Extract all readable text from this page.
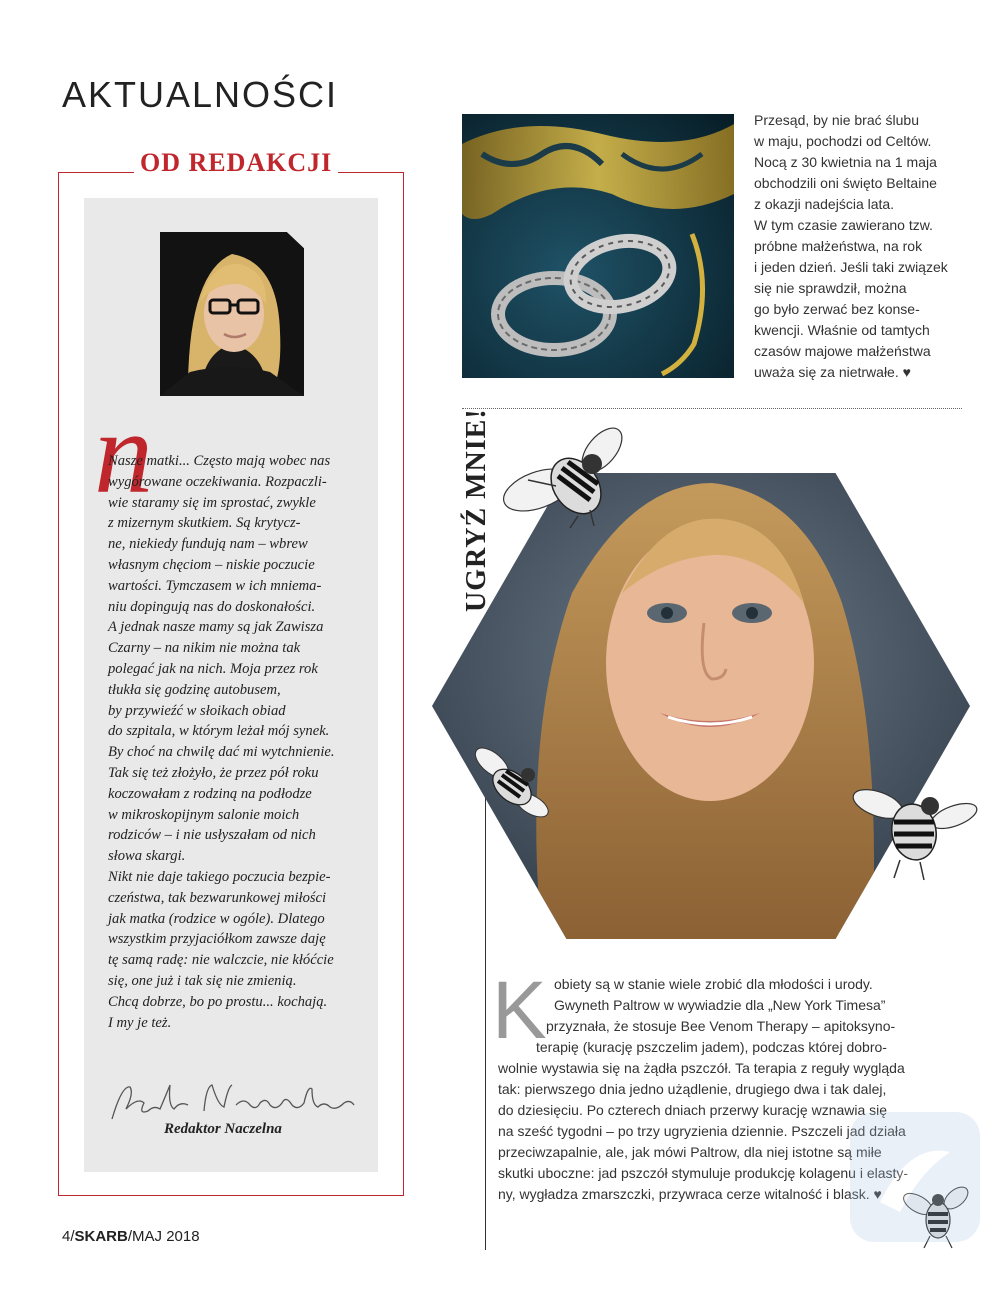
AKTUALNOŚCI
OD REDAKCJI
n
Nasze matki... Często mają wobec nas
wygórowane oczekiwania. Rozpaczli-
wie staramy się im sprostać, zwykle
z mizernym skutkiem. Są krytycz-
ne, niekiedy fundują nam – wbrew
własnym chęciom – niskie poczucie
wartości. Tymczasem w ich mniema-
niu dopingują nas do doskonałości.
A jednak nasze mamy są jak Zawisza
Czarny – na nikim nie można tak
polegać jak na nich. Moja przez rok
tłukła się godzinę autobusem,
by przywieźć w słoikach obiad
do szpitala, w którym leżał mój synek.
By choć na chwilę dać mi wytchnienie.
Tak się też złożyło, że przez pół roku
koczowałam z rodziną na podłodze
w mikroskopijnym salonie moich
rodziców – i nie usłyszałam od nich
słowa skargi.
Nikt nie daje takiego poczucia bezpie-
czeństwa, tak bezwarunkowej miłości
jak matka (rodzice w ogóle). Dlatego
wszystkim przyjaciółkom zawsze daję
tę samą radę: nie walczcie, nie kłóćcie
się, one już i tak się nie zmienią.
Chcą dobrze, bo po prostu... kochają.
I my je też.
Redaktor Naczelna
Przesąd, by nie brać ślubu
w maju, pochodzi od Celtów.
Nocą z 30 kwietnia na 1 maja
obchodzili oni święto Beltaine
z okazji nadejścia lata.
W tym czasie zawierano tzw.
próbne małżeństwa, na rok
i jeden dzień. Jeśli taki związek
się nie sprawdził, można
go było zerwać bez konse-
kwencji. Właśnie od tamtych
czasów majowe małżeństwa
uważa się za nietrwałe. ♥
UGRYŹ MNIE!
K obiety są w stanie wiele zrobić dla młodości i urody.
Gwyneth Paltrow w wywiadzie dla „New York Timesa”
przyznała, że stosuje Bee Venom Therapy – apitoksyno-
terapię (kurację pszczelim jadem), podczas której dobro-
wolnie wystawia się na żądła pszczół. Ta terapia z reguły wygląda
tak: pierwszego dnia jedno użądlenie, drugiego dwa i tak dalej,
do dziesięciu. Po czterech dniach przerwy kurację wznawia się
na sześć tygodni – po trzy ugryzienia dziennie. Pszczeli jad działa
przeciwzapalnie, ale, jak mówi Paltrow, dla niej istotne są miłe
skutki uboczne: jad pszczół stymuluje produkcję kolagenu i elasty-
ny, wygładza zmarszczki, przywraca cerze witalność i blask. ♥
4/SKARB/MAJ 2018
